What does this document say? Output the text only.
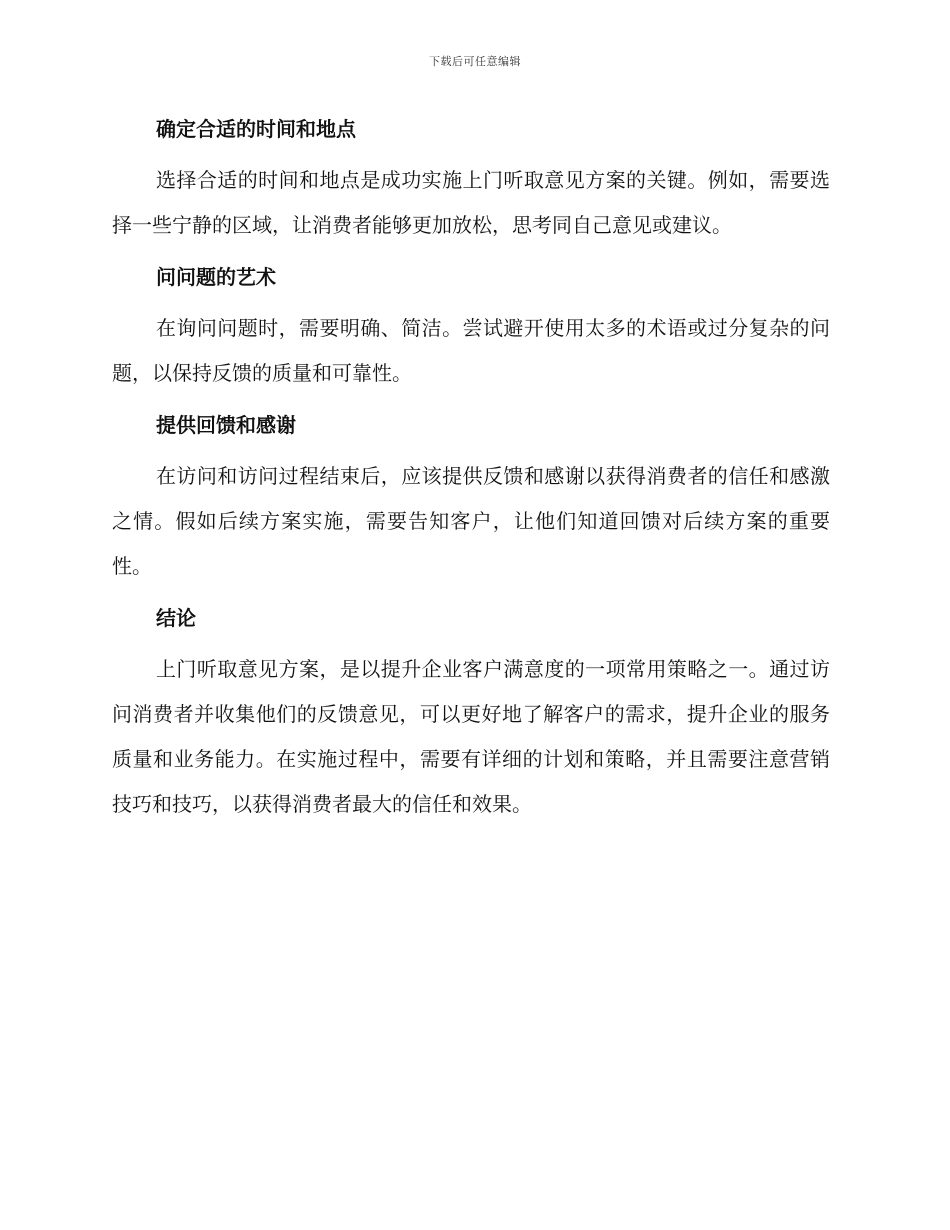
下载后可任意编辑
确定合适的时间和地点

选择合适的时间和地点是成功实施上门听取意见方案的关键。例如，需要选择一些宁静的区域，让消费者能够更加放松，思考同自己意见或建议。

问问题的艺术

在询问问题时，需要明确、简洁。尝试避开使用太多的术语或过分复杂的问题，以保持反馈的质量和可靠性。

提供回馈和感谢

在访问和访问过程结束后，应该提供反馈和感谢以获得消费者的信任和感激之情。假如后续方案实施，需要告知客户，让他们知道回馈对后续方案的重要性。

结论

上门听取意见方案，是以提升企业客户满意度的一项常用策略之一。通过访问消费者并收集他们的反馈意见，可以更好地了解客户的需求，提升企业的服务质量和业务能力。在实施过程中，需要有详细的计划和策略，并且需要注意营销技巧和技巧，以获得消费者最大的信任和效果。
